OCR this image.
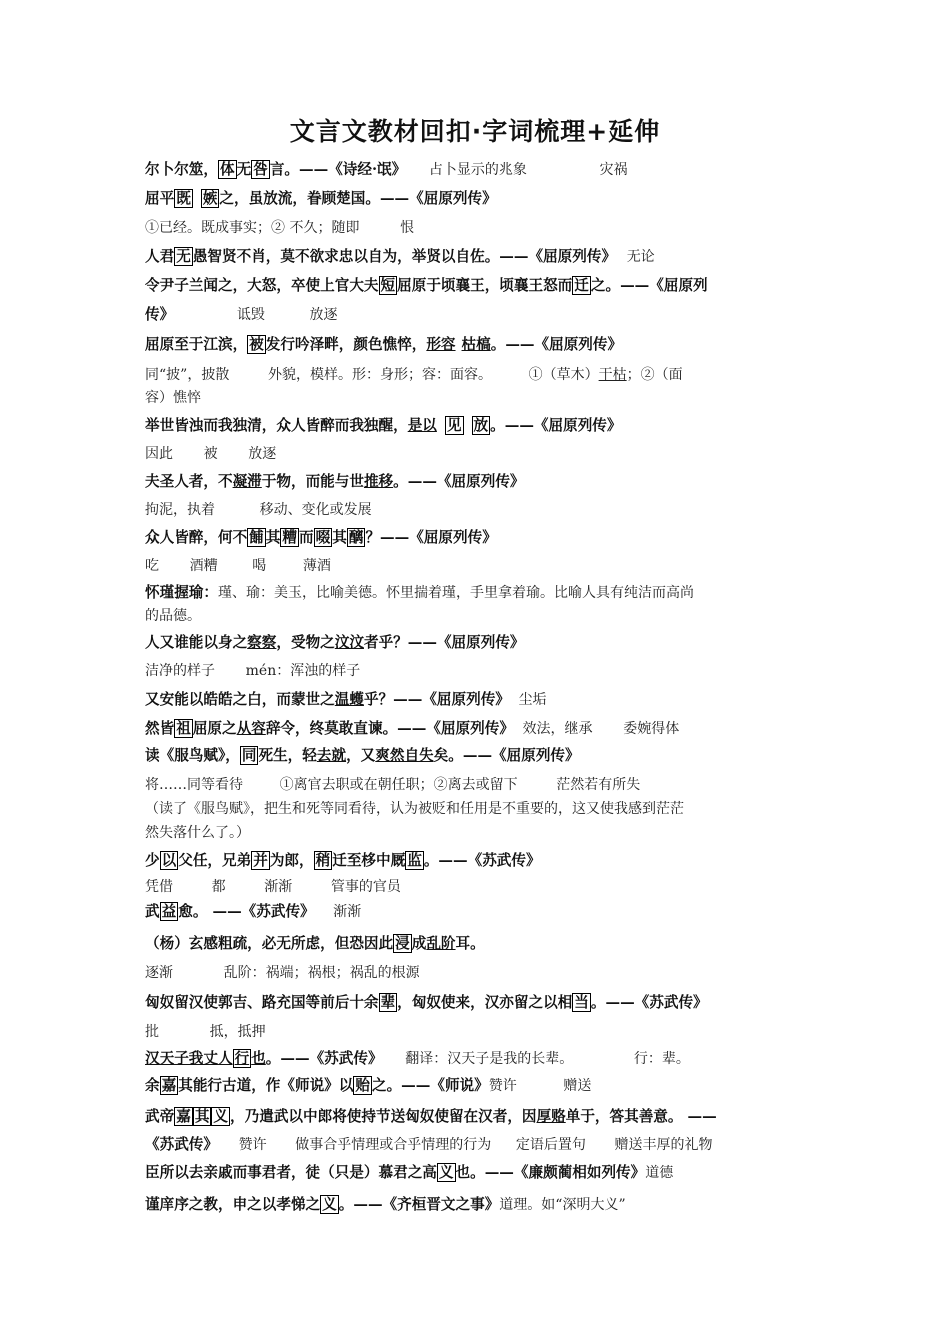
文言文教材回扣·字词梳理+延伸
尔卜尔筮， 体 无 咎 言。——《诗经·氓》 占卜显示的兆象	灾祸
屈平 既 嫉 之，虽放流，眷顾楚国。——《屈原列传》
①已经。既成事实；② 不久；随即	恨
人君 无 愚智贤不肖，莫不欲求忠以自为，举贤以自佐。——《屈原列传》 无论
令尹子兰闻之，大怒，卒使上官大夫 短 屈原于顷襄王，顷襄王怒而 迁 之。——《屈原列
传》	诋毁	放逐
屈原至于江滨， 被 发行吟泽畔，颜色憔悴，形容 枯槁。——《屈原列传》
同“披”，披散	外貌，模样。形：身形；容：面容。	①（草木）干枯；②（面
容）憔悴
举世皆浊而我独清，众人皆醉而我独醒，是以 见 放 。——《屈原列传》
因此 被 放逐
夫圣人者，不凝滞于物，而能与世推移。——《屈原列传》
拘泥，执着	移动、变化或发展
众人皆醉，何不 餔 其 糟 而 啜 其 醨 ？——《屈原列传》
吃 酒糟 喝	薄酒
怀瑾握瑜：瑾、瑜：美玉，比喻美德。怀里揣着瑾，手里拿着瑜。比喻人具有纯洁而高尚
的品德。
人又谁能以身之察察，受物之汶汶者乎？——《屈原列传》
洁净的样子 mén：浑浊的样子
又安能以皓皓之白，而蒙世之温蠖乎？——《屈原列传》 尘垢
然皆 祖 屈原之从容辞令，终莫敢直谏。——《屈原列传》 效法，继承 委婉得体
读《服鸟赋》， 同 死生，轻去就，又爽然自失矣。——《屈原列传》
将……同等看待	①离官去职或在朝任职；②离去或留下	茫然若有所失
（读了《服鸟赋》，把生和死等同看待，认为被贬和任用是不重要的，这又使我感到茫茫
然失落什么了。）
少 以 父任，兄弟 并 为郎， 稍 迁至栘中厩 监 。——《苏武传》
凭借	都	渐渐	管事的官员
武 益 愈。 ——《苏武传》 渐渐
（杨）玄感粗疏，必无所虑，但恐因此 浸 成乱阶耳。
逐渐	乱阶：祸端；祸根；祸乱的根源
匈奴留汉使郭吉、路充国等前后十余 辈 ，匈奴使来，汉亦留之以相 当 。——《苏武传》
批	抵，抵押
汉天子我丈人 行 也。——《苏武传》 翻译：汉天子是我的长辈。	行：辈。
余 嘉 其能行古道，作《师说》以 贻 之。——《师说》赞许	赠送
武帝 嘉 其 义 ，乃遣武以中郎将使持节送匈奴使留在汉者，因厚赂单于，答其善意。 ——
《苏武传》 赞许 做事合乎情理或合乎情理的行为 定语后置句 赠送丰厚的礼物
臣所以去亲戚而事君者，徒（只是）慕君之高 义 也。——《廉颇蔺相如列传》道德
谨庠序之教，申之以孝悌之 义 。——《齐桓晋文之事》道理。如“深明大义”
